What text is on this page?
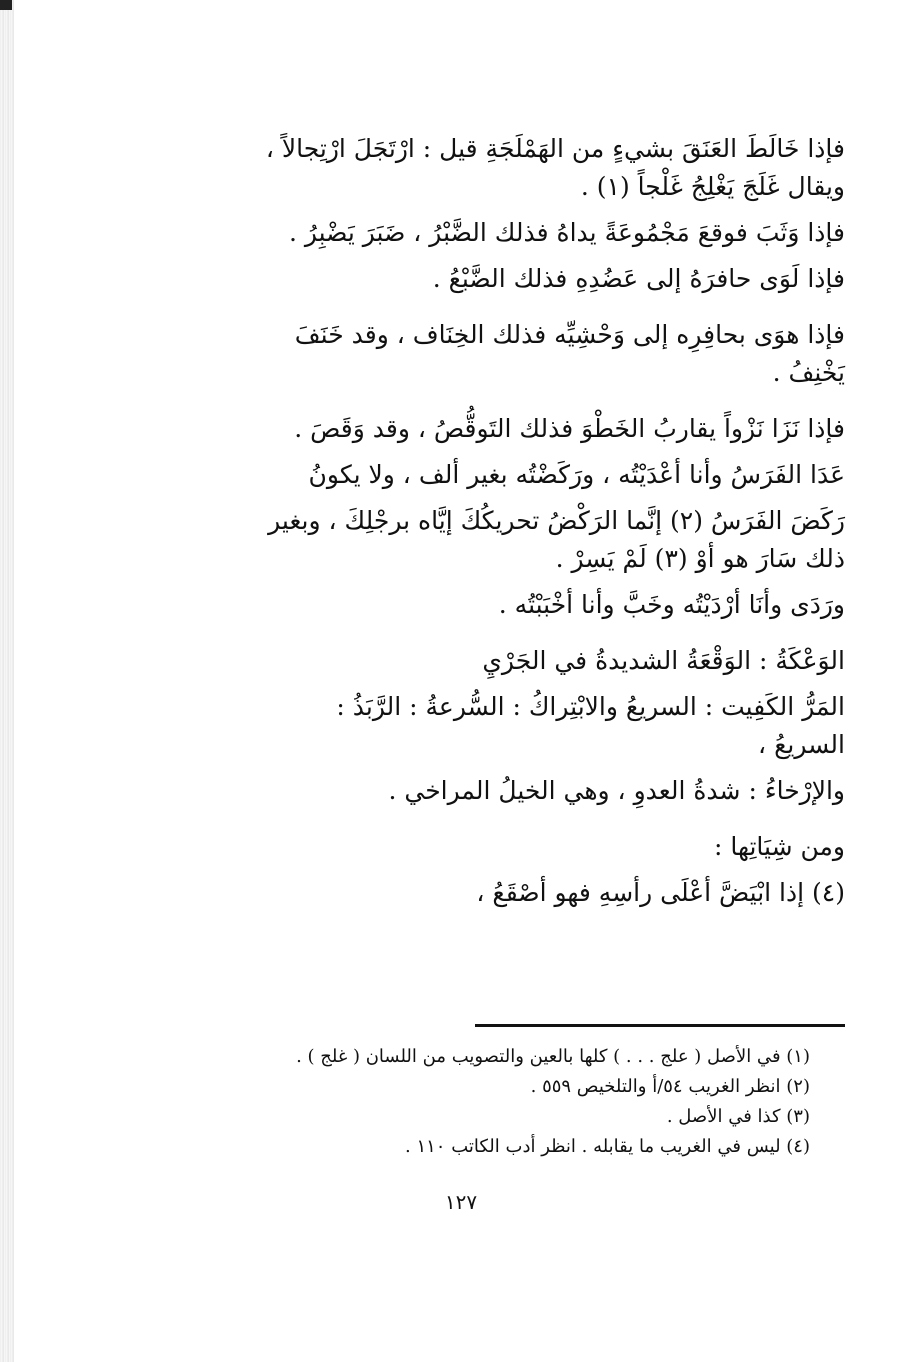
فإذا خَالَطَ العَنَقَ بشيءٍ من الهَمْلَجَةِ قيل : ارْتَجَلَ ارْتِجالاً ،

ويقال غَلَجَ يَغْلِجُ غَلْجاً (١) .

فإذا وَثَبَ فوقعَ مَجْمُوعَةً يداهُ فذلك الضَّبْرُ ، ضَبَرَ يَضْبِرُ .

فإذا لَوَى حافرَهُ إلى عَضُدِهِ فذلك الضَّبْعُ .

فإذا هوَى بحافِرِه إلى وَحْشِيِّه فذلك الخِنَاف ، وقد خَنَفَ

يَخْنِفُ .

فإذا نَزَا نَزْواً يقاربُ الخَطْوَ فذلك التَوقُّصُ ، وقد وَقَصَ .

عَدَا الفَرَسُ وأنا أعْدَيْتُه ، ورَكَضْتُه بغير ألف ، ولا يكونُ

رَكَضَ الفَرَسُ (٢) إنَّما الرَكْضُ تحريكُكَ إيَّاه برجْلِكَ ، وبغير

ذلك سَارَ هو أوْ (٣) لَمْ يَسِرْ .

ورَدَى وأنَا أرْدَيْتُه وخَبَّ وأنا أخْبَبْتُه .

الوَعْكَةُ : الوَقْعَةُ الشديدةُ في الجَرْيِ

المَرُّ الكَفِيت : السريعُ والابْتِراكُ : السُّرعةُ : الرَّبَذُ :

السريعُ ،

والإرْخاءُ : شدةُ العدوِ ، وهي الخيلُ المراخي .

ومن شِيَاتِها :

(٤) إذا ابْيَضَّ أعْلَى رأسِهِ فهو أصْقَعُ ،

(١) في الأصل ( علج . . . ) كلها بالعين والتصويب من اللسان ( غلج ) .

(٢) انظر الغريب ٥٤/أ والتلخيص ٥٥٩ .

(٣) كذا في الأصل .

(٤) ليس في الغريب ما يقابله . انظر أدب الكاتب ١١٠ .

١٢٧
